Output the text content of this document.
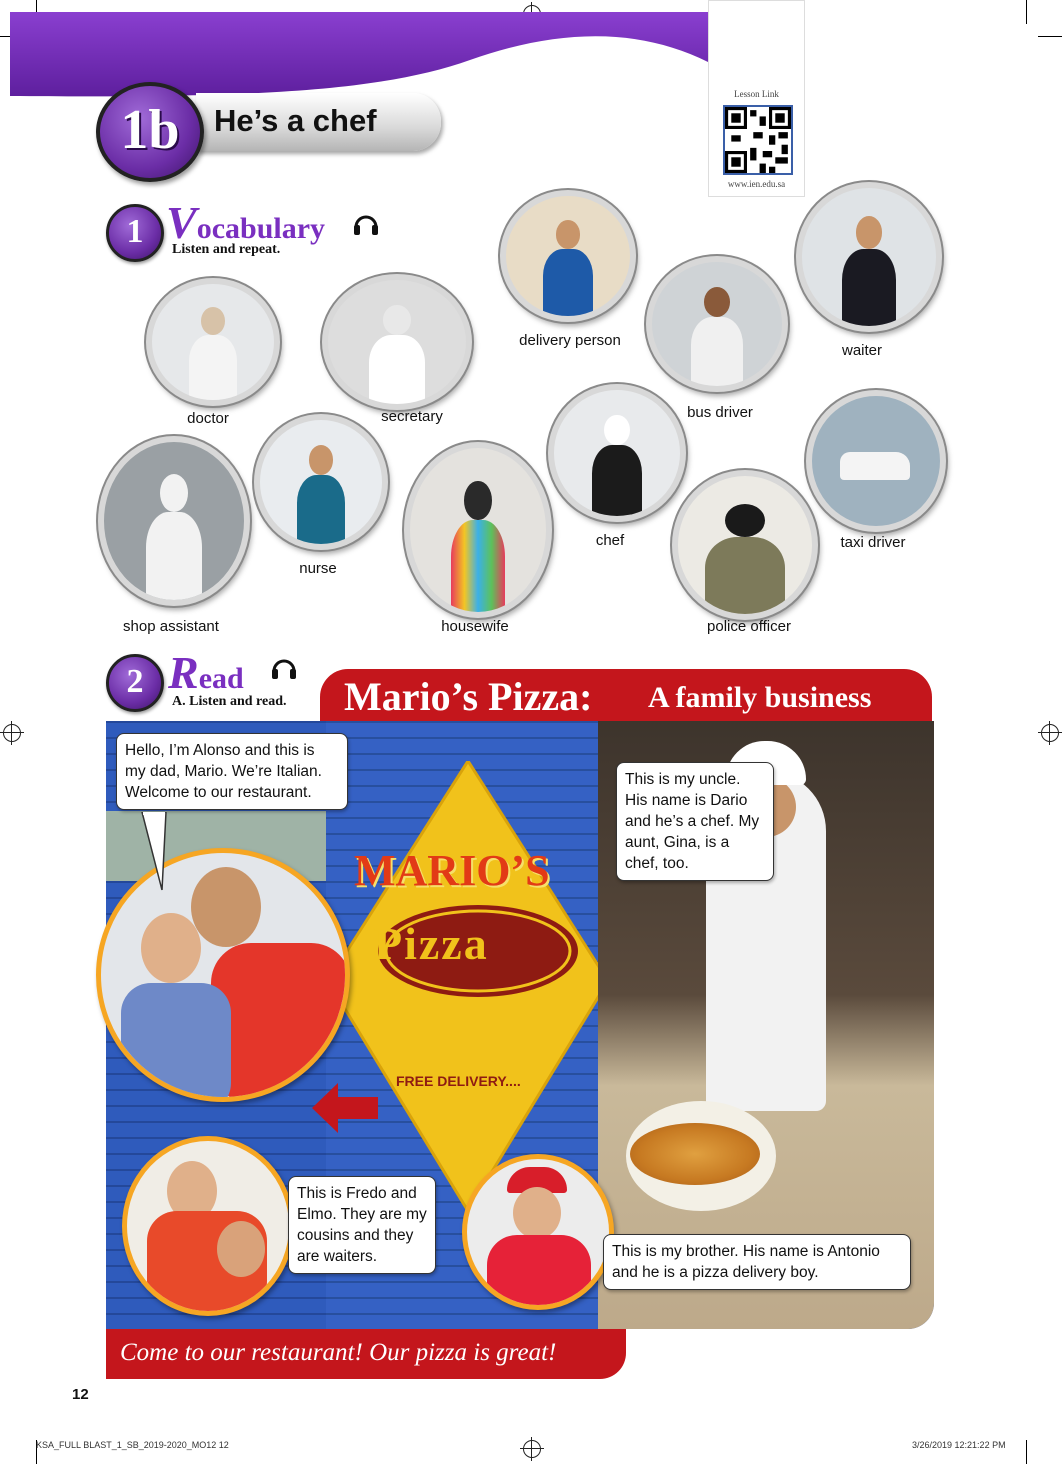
He’s a chef
1b
Lesson Link
www.ien.edu.sa
1 Vocabulary
Listen and repeat.
doctor	secretary
delivery person
bus driver
waiter
shop assistant
nurse
housewife
chef
police officer
taxi driver
2 Read
A. Listen and read. Mario’s Pizza: A family business
MARIO’S
Pizza
FREE DELIVERY....
Hello, I’m Alonso and this is my dad, Mario. We’re Italian. Welcome to our restaurant.
This is my uncle. His name is Dario and he’s a chef. My aunt, Gina, is a chef, too.
This is Fredo and Elmo. They are my cousins and they are waiters.	This is my brother. His name is Antonio and he is a pizza delivery boy.
Come to our restaurant! Our pizza is great!
12
KSA_FULL BLAST_1_SB_2019-2020_MO12 12	3/26/2019 12:21:22 PM
